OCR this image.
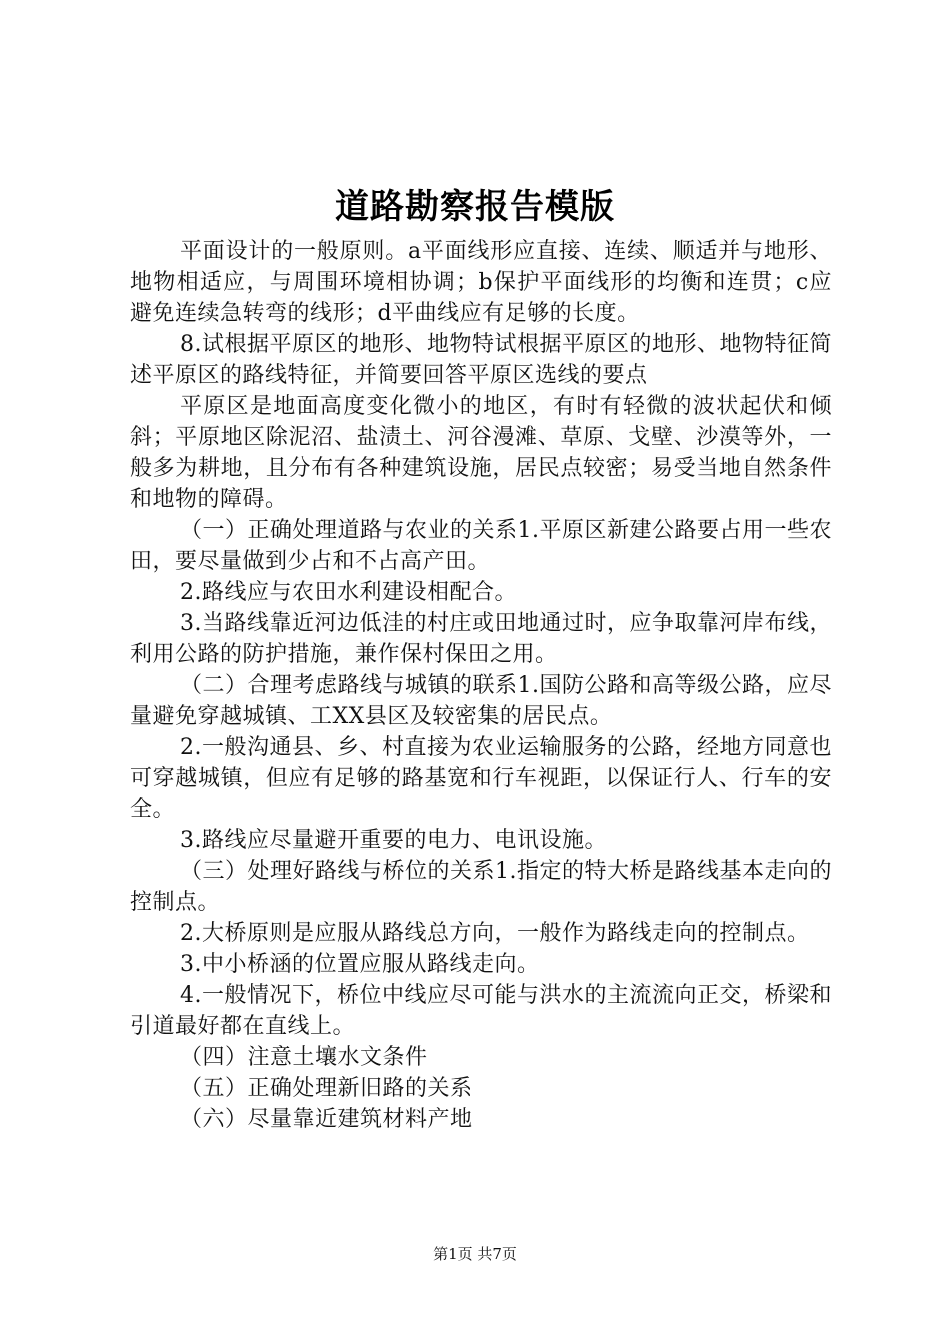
道路勘察报告模版

平面设计的一般原则。a平面线形应直接、连续、顺适并与地形、地物相适应，与周围环境相协调；b保护平面线形的均衡和连贯；c应避免连续急转弯的线形；d平曲线应有足够的长度。

8.试根据平原区的地形、地物特试根据平原区的地形、地物特征简述平原区的路线特征，并简要回答平原区选线的要点

平原区是地面高度变化微小的地区，有时有轻微的波状起伏和倾斜；平原地区除泥沼、盐渍土、河谷漫滩、草原、戈壁、沙漠等外，一般多为耕地，且分布有各种建筑设施，居民点较密；易受当地自然条件和地物的障碍。

（一）正确处理道路与农业的关系1.平原区新建公路要占用一些农田，要尽量做到少占和不占高产田。

2.路线应与农田水利建设相配合。

3.当路线靠近河边低洼的村庄或田地通过时，应争取靠河岸布线，利用公路的防护措施，兼作保村保田之用。

（二）合理考虑路线与城镇的联系1.国防公路和高等级公路，应尽量避免穿越城镇、工XX县区及较密集的居民点。

2.一般沟通县、乡、村直接为农业运输服务的公路，经地方同意也可穿越城镇，但应有足够的路基宽和行车视距，以保证行人、行车的安全。

3.路线应尽量避开重要的电力、电讯设施。

（三）处理好路线与桥位的关系1.指定的特大桥是路线基本走向的控制点。

2.大桥原则是应服从路线总方向，一般作为路线走向的控制点。

3.中小桥涵的位置应服从路线走向。

4.一般情况下，桥位中线应尽可能与洪水的主流流向正交，桥梁和引道最好都在直线上。

（四）注意土壤水文条件

（五）正确处理新旧路的关系

（六）尽量靠近建筑材料产地

第1页 共7页
